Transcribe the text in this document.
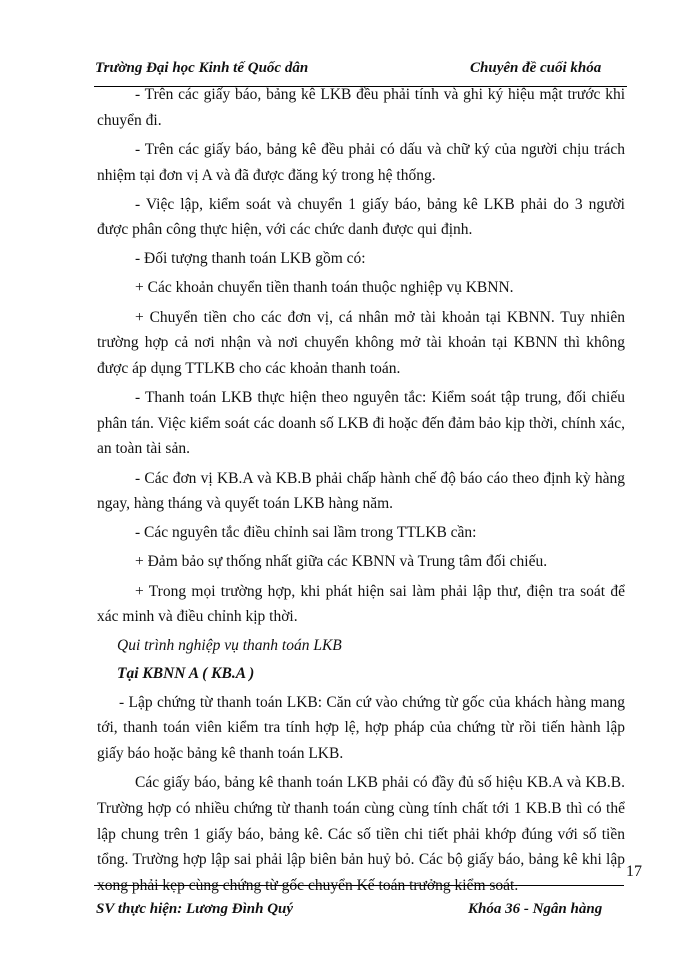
Trường Đại học Kinh tế Quốc dân	Chuyên đề cuối khóa

- Trên các giấy báo, bảng kê LKB đều phải tính và ghi ký hiệu mật trước khi chuyển đi.

- Trên các giấy báo, bảng kê đều phải có dấu và chữ ký của người chịu trách nhiệm tại đơn vị A và đã được đăng ký trong hệ thống.

- Việc lập, kiểm soát và chuyển 1 giấy báo, bảng kê LKB phải do 3 người được phân công thực hiện, với các chức danh được qui định.

- Đối tượng thanh toán LKB gồm có:

+ Các khoản chuyển tiền thanh toán thuộc nghiệp vụ KBNN.

+ Chuyển tiền cho các đơn vị, cá nhân mở tài khoản tại KBNN. Tuy nhiên trường hợp cả nơi nhận và nơi chuyển không mở tài khoản tại KBNN thì không được áp dụng TTLKB cho các khoản thanh toán.

- Thanh toán LKB thực hiện theo nguyên tắc: Kiểm soát tập trung, đối chiếu phân tán. Việc kiểm soát các doanh số LKB đi hoặc đến đảm bảo kịp thời, chính xác, an toàn tài sản.

- Các đơn vị KB.A và KB.B phải chấp hành chế độ báo cáo theo định kỳ hàng ngay, hàng tháng và quyết toán LKB hàng năm.

- Các nguyên tắc điều chỉnh sai lầm trong TTLKB cần:

+ Đảm bảo sự thống nhất giữa các KBNN và Trung tâm đối chiếu.

+ Trong mọi trường hợp, khi phát hiện sai làm phải lập thư, điện tra soát để xác minh và điều chỉnh kịp thời.

Qui trình nghiệp vụ thanh toán LKB

Tại KBNN A ( KB.A )

- Lập chứng từ thanh toán LKB: Căn cứ vào chứng từ gốc của khách hàng mang tới, thanh toán viên kiểm tra tính hợp lệ, hợp pháp của chứng từ rồi tiến hành lập giấy báo hoặc bảng kê thanh toán LKB.

Các giấy báo, bảng kê thanh toán LKB phải có đầy đủ số hiệu KB.A và KB.B. Trường hợp có nhiều chứng từ thanh toán cùng cùng tính chất tới 1 KB.B thì có thể lập chung trên 1 giấy báo, bảng kê. Các số tiền chi tiết phải khớp đúng với số tiền tổng. Trường hợp lập sai phải lập biên bản huỷ bỏ. Các bộ giấy báo, bảng kê khi lập xong phải kẹp cùng chứng từ gốc chuyển Kế toán trưởng kiểm soát.

17
SV thực hiện: Lương Đình Quý	Khóa 36 - Ngân hàng
